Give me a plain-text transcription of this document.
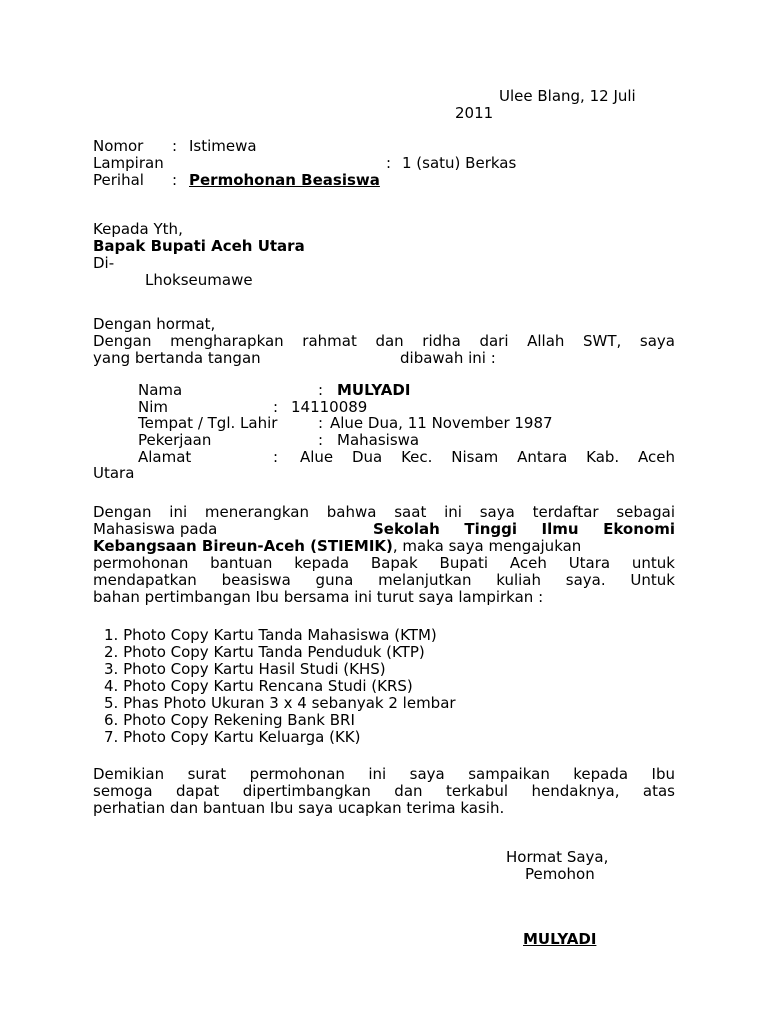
Ulee Blang, 12 Juli
2011
Nomor : Istimewa
Lampiran	: 1 (satu) Berkas
Perihal : Permohonan Beasiswa
Kepada Yth,
Bapak Bupati Aceh Utara
Di-
Lhokseumawe
Dengan hormat,
Dengan mengharapkan rahmat dan ridha dari Allah SWT, saya
yang bertanda tangan	dibawah ini :
Nama	: MULYADI
Nim	: 14110089
Tempat / Tgl. Lahir	: Alue Dua, 11 November 1987
Pekerjaan	: Mahasiswa
Alamat	: Alue Dua Kec. Nisam Antara Kab. Aceh
Utara
Dengan ini menerangkan bahwa saat ini saya terdaftar sebagai
Mahasiswa pada	Sekolah Tinggi Ilmu Ekonomi
Kebangsaan Bireun-Aceh (STIEMIK), maka saya mengajukan
permohonan bantuan kepada Bapak Bupati Aceh Utara untuk
mendapatkan beasiswa guna melanjutkan kuliah saya. Untuk
bahan pertimbangan Ibu bersama ini turut saya lampirkan :
1. Photo Copy Kartu Tanda Mahasiswa (KTM)
2. Photo Copy Kartu Tanda Penduduk (KTP)
3. Photo Copy Kartu Hasil Studi (KHS)
4. Photo Copy Kartu Rencana Studi (KRS)
5. Phas Photo Ukuran 3 x 4 sebanyak 2 lembar
6. Photo Copy Rekening Bank BRI
7. Photo Copy Kartu Keluarga (KK)
Demikian surat permohonan ini saya sampaikan kepada Ibu
semoga dapat dipertimbangkan dan terkabul hendaknya, atas
perhatian dan bantuan Ibu saya ucapkan terima kasih.
Hormat Saya,
Pemohon
MULYADI
